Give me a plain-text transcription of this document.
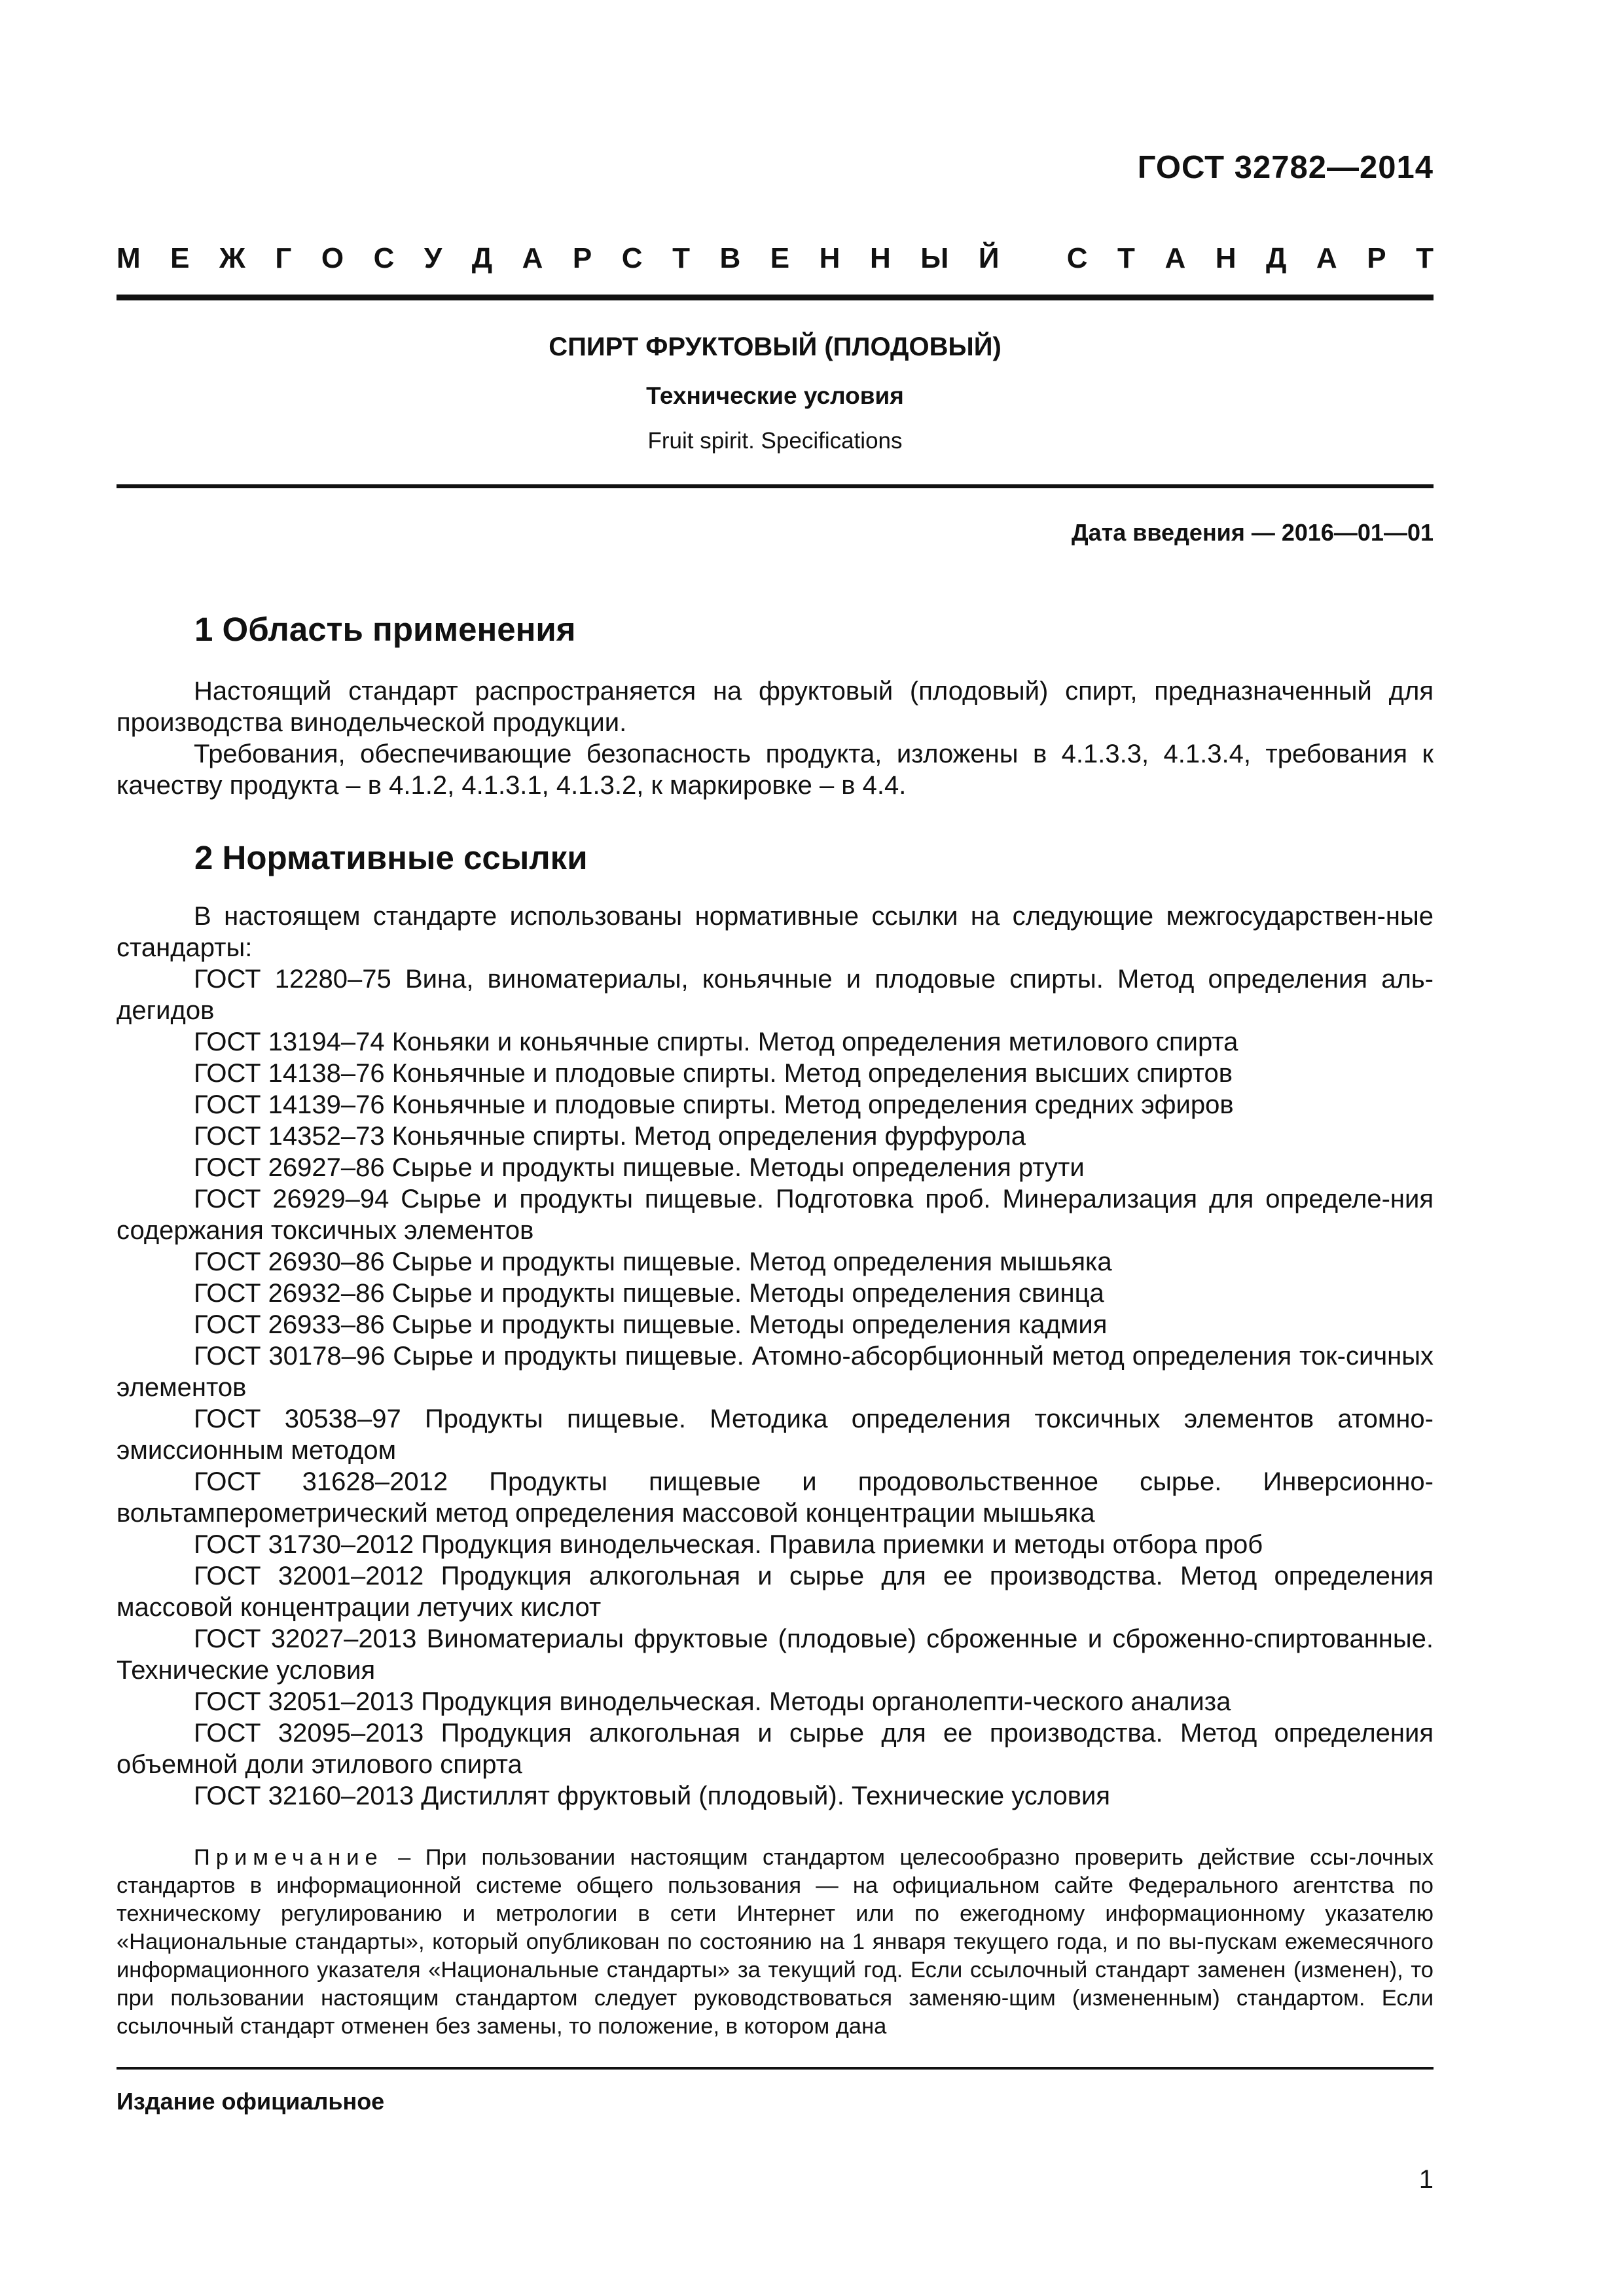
ГОСТ 32782—2014
М Е Ж Г О С У Д А Р С Т В Е Н Н Ы Й
С Т А Н Д А Р Т
СПИРТ ФРУКТОВЫЙ (ПЛОДОВЫЙ)
Технические условия
Fruit spirit. Specifications
Дата введения — 2016—01—01
1 Область применения

Настоящий стандарт распространяется на фруктовый (плодовый) спирт, предназначенный для производства винодельческой продукции.

Требования, обеспечивающие безопасность продукта, изложены в 4.1.3.3, 4.1.3.4, требования к качеству продукта – в 4.1.2, 4.1.3.1, 4.1.3.2, к маркировке – в 4.4.

2 Нормативные ссылки

В настоящем стандарте использованы нормативные ссылки на следующие межгосударствен-ные стандарты:

ГОСТ 12280–75 Вина, виноматериалы, коньячные и плодовые спирты. Метод определения аль-дегидов

ГОСТ 13194–74 Коньяки и коньячные спирты. Метод определения метилового спирта

ГОСТ 14138–76 Коньячные и плодовые спирты. Метод определения высших спиртов

ГОСТ 14139–76 Коньячные и плодовые спирты. Метод определения средних эфиров

ГОСТ 14352–73 Коньячные спирты. Метод определения фурфурола

ГОСТ 26927–86 Сырье и продукты пищевые. Методы определения ртути

ГОСТ 26929–94 Сырье и продукты пищевые. Подготовка проб. Минерализация для определе-ния содержания токсичных элементов

ГОСТ 26930–86 Сырье и продукты пищевые. Метод определения мышьяка

ГОСТ 26932–86 Сырье и продукты пищевые. Методы определения свинца

ГОСТ 26933–86 Сырье и продукты пищевые. Методы определения кадмия

ГОСТ 30178–96 Сырье и продукты пищевые. Атомно-абсорбционный метод определения ток-сичных элементов

ГОСТ 30538–97 Продукты пищевые. Методика определения токсичных элементов атомно-эмиссионным методом

ГОСТ 31628–2012 Продукты пищевые и продовольственное сырье. Инверсионно-вольтамперометрический метод определения массовой концентрации мышьяка

ГОСТ 31730–2012 Продукция винодельческая. Правила приемки и методы отбора проб

ГОСТ 32001–2012 Продукция алкогольная и сырье для ее производства. Метод определения массовой концентрации летучих кислот

ГОСТ 32027–2013 Виноматериалы фруктовые (плодовые) сброженные и сброженно-спиртованные. Технические условия

ГОСТ 32051–2013 Продукция винодельческая. Методы органолепти-ческого анализа

ГОСТ 32095–2013 Продукция алкогольная и сырье для ее производства. Метод определения объемной доли этилового спирта

ГОСТ 32160–2013 Дистиллят фруктовый (плодовый). Технические условия

Примечание – При пользовании настоящим стандартом целесообразно проверить действие ссы-лочных стандартов в информационной системе общего пользования — на официальном сайте Федерального агентства по техническому регулированию и метрологии в сети Интернет или по ежегодному информационному указателю «Национальные стандарты», который опубликован по состоянию на 1 января текущего года, и по вы-пускам ежемесячного информационного указателя «Национальные стандарты» за текущий год. Если ссылочный стандарт заменен (изменен), то при пользовании настоящим стандартом следует руководствоваться заменяю-щим (измененным) стандартом. Если ссылочный стандарт отменен без замены, то положение, в котором дана

Издание официальное
1
